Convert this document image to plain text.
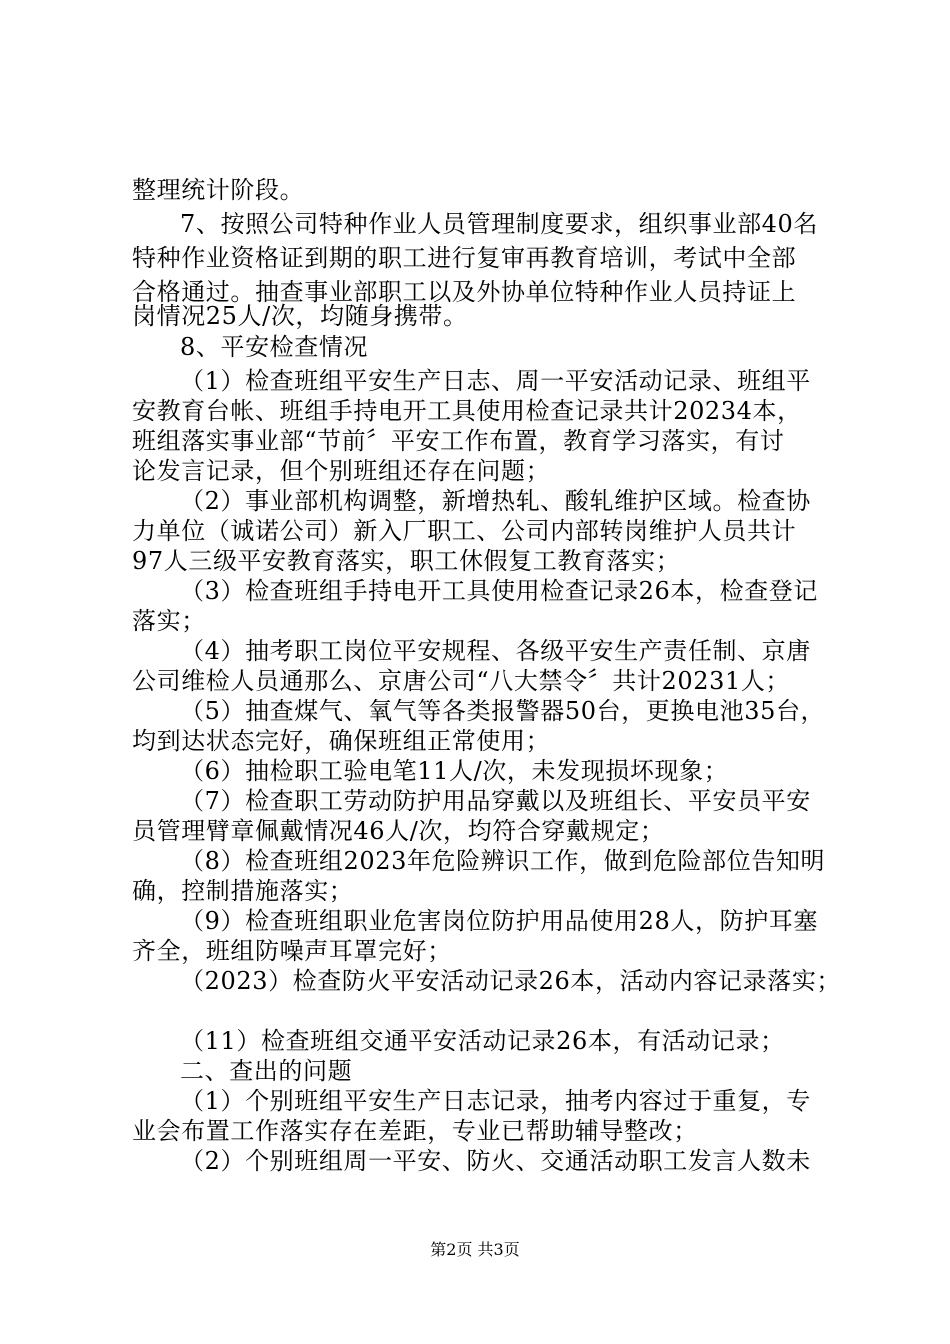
整理统计阶段。
7、按照公司特种作业人员管理制度要求，组织事业部40名
特种作业资格证到期的职工进行复审再教育培训，考试中全部
合格通过。抽查事业部职工以及外协单位特种作业人员持证上
岗情况25人/次，均随身携带。
8、平安检查情况
（1）检查班组平安生产日志、周一平安活动记录、班组平
安教育台帐、班组手持电开工具使用检查记录共计20234本，
班组落实事业部“节前〞平安工作布置，教育学习落实，有讨
论发言记录，但个别班组还存在问题；
（2）事业部机构调整，新增热轧、酸轧维护区域。检查协
力单位（诚诺公司）新入厂职工、公司内部转岗维护人员共计
97人三级平安教育落实，职工休假复工教育落实；
（3）检查班组手持电开工具使用检查记录26本，检查登记
落实；
（4）抽考职工岗位平安规程、各级平安生产责任制、京唐
公司维检人员通那么、京唐公司“八大禁令〞共计20231人；
（5）抽查煤气、氧气等各类报警器50台，更换电池35台，
均到达状态完好，确保班组正常使用；
（6）抽检职工验电笔11人/次，未发现损坏现象；
（7）检查职工劳动防护用品穿戴以及班组长、平安员平安
员管理臂章佩戴情况46人/次，均符合穿戴规定；
（8）检查班组2023年危险辨识工作，做到危险部位告知明
确，控制措施落实；
（9）检查班组职业危害岗位防护用品使用28人，防护耳塞
齐全，班组防噪声耳罩完好；
（2023）检查防火平安活动记录26本，活动内容记录落实；
（11）检查班组交通平安活动记录26本，有活动记录；
二、查出的问题
（1）个别班组平安生产日志记录，抽考内容过于重复，专
业会布置工作落实存在差距，专业已帮助辅导整改；
（2）个别班组周一平安、防火、交通活动职工发言人数未
第2页 共3页
